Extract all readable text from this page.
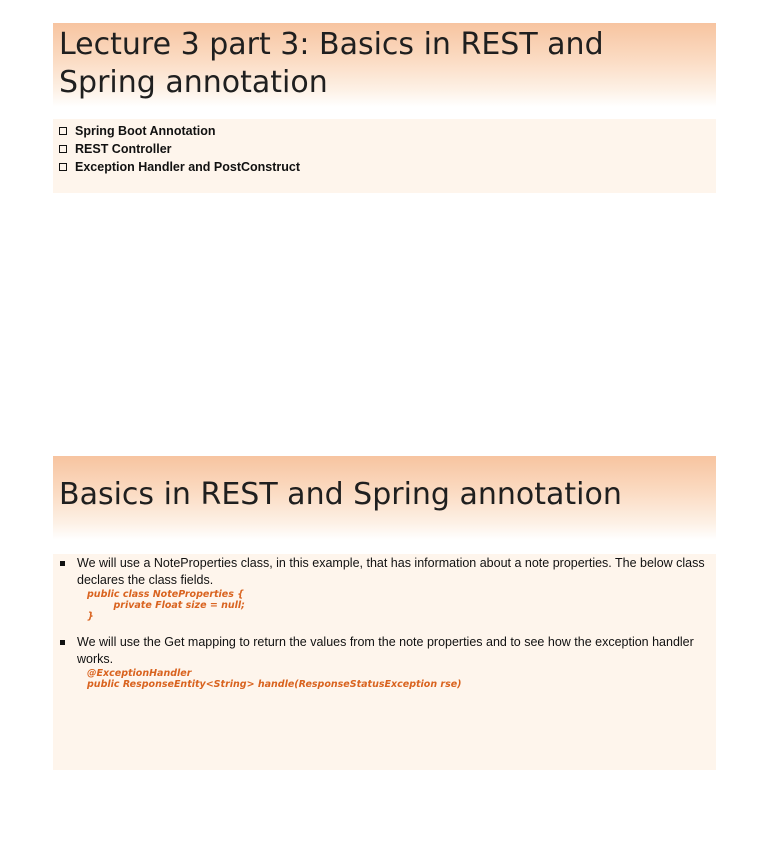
Lecture 3 part 3: Basics in REST and Spring annotation
Spring Boot Annotation
REST Controller
Exception Handler and PostConstruct
Basics in REST and Spring annotation
We will use a NoteProperties class, in this example, that has information about a note properties. The below class declares the class fields.
public class NoteProperties {
private Float size = null;
}
We will use the Get mapping to return the values from the note properties and to see how the exception handler works.
@ExceptionHandler
public ResponseEntity<String> handle(ResponseStatusException rse)
